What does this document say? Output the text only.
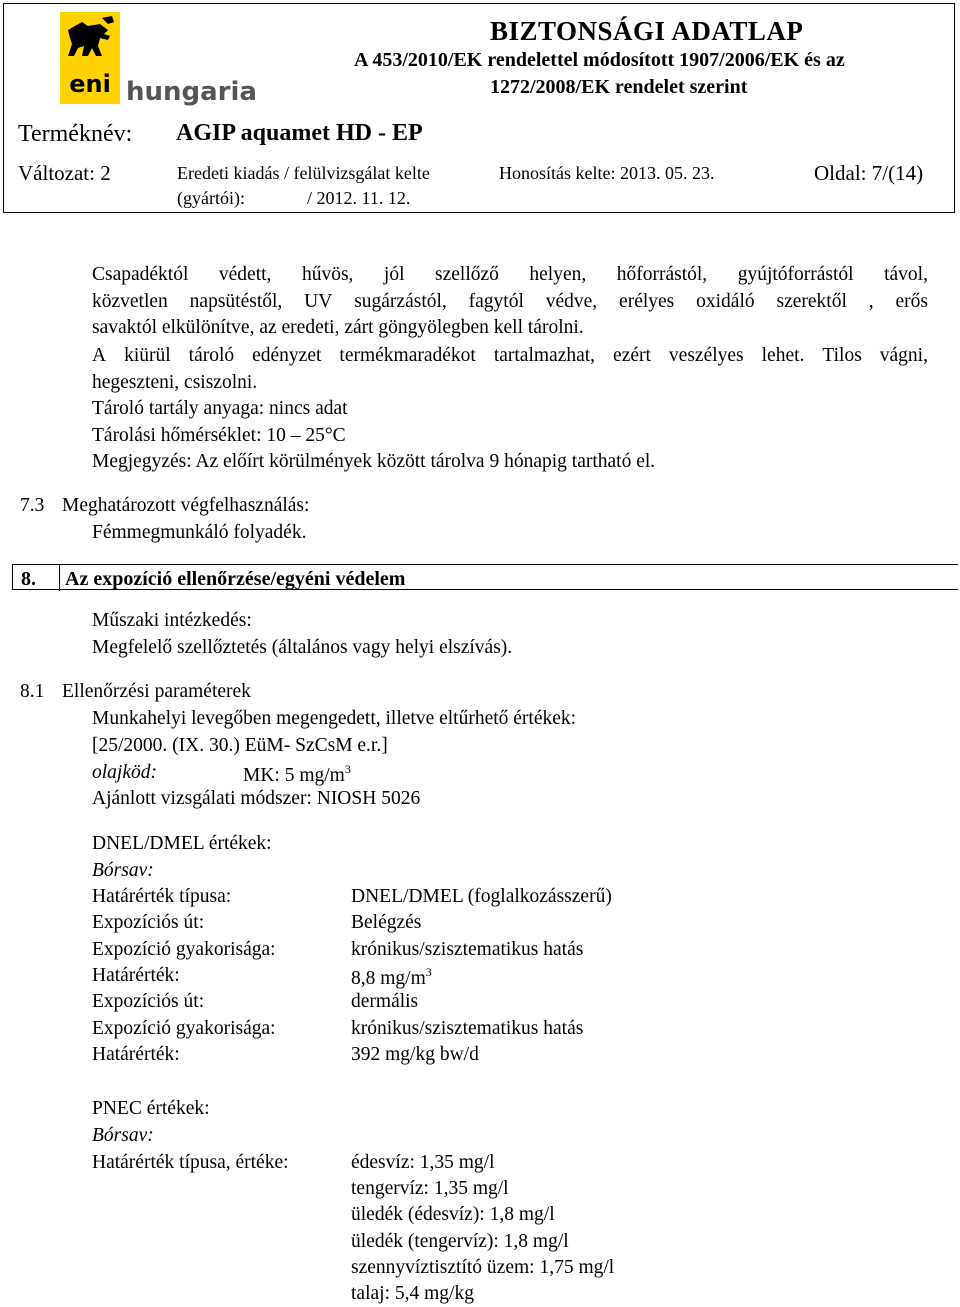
eni hungaria
BIZTONSÁGI ADATLAP
A 453/2010/EK rendelettel módosított 1907/2006/EK és az
1272/2008/EK rendelet szerint
Terméknév: AGIP aquamet HD - EP
Változat: 2	Eredeti kiadás / felülvizsgálat kelte
(gyártói):	/ 2012. 11. 12.
Honosítás kelte: 2013. 05. 23.	Oldal: 7/(14)
Csapadéktól védett, hűvös, jól szellőző helyen, hőforrástól, gyújtóforrástól távol,
közvetlen napsütéstől, UV sugárzástól, fagytól védve, erélyes oxidáló szerektől , erős
savaktól elkülönítve, az eredeti, zárt göngyölegben kell tárolni.
A kiürül tároló edényzet termékmaradékot tartalmazhat, ezért veszélyes lehet. Tilos vágni,
hegeszteni, csiszolni.
Tároló tartály anyaga: nincs adat
Tárolási hőmérséklet: 10 – 25°C
Megjegyzés: Az előírt körülmények között tárolva 9 hónapig tartható el.
7.3 Meghatározott végfelhasználás:
Fémmegmunkáló folyadék.
8. Az expozíció ellenőrzése/egyéni védelem
Műszaki intézkedés:
Megfelelő szellőztetés (általános vagy helyi elszívás).
8.1 Ellenőrzési paraméterek
Munkahelyi levegőben megengedett, illetve eltűrhető értékek:
[25/2000. (IX. 30.) EüM- SzCsM e.r.]
olajköd:	MK: 5 $mg/m^3$
Ajánlott vizsgálati módszer: NIOSH 5026
DNEL/DMEL értékek:
Bórsav:
Határérték típusa:	DNEL/DMEL (foglalkozásszerű)
Expozíciós út:	Belégzés
Expozíció gyakorisága:	krónikus/szisztematikus hatás
Határérték:	8,8 $mg/m^3$
Expozíciós út:	dermális
Expozíció gyakorisága:	krónikus/szisztematikus hatás
Határérték:	392 mg/kg bw/d
PNEC értékek:
Bórsav:
Határérték típusa, értéke:	édesvíz: 1,35 mg/l
tengervíz: 1,35 mg/l
üledék (édesvíz): 1,8 mg/l
üledék (tengervíz): 1,8 mg/l
szennyvíztisztító üzem: 1,75 mg/l
talaj: 5,4 mg/kg
